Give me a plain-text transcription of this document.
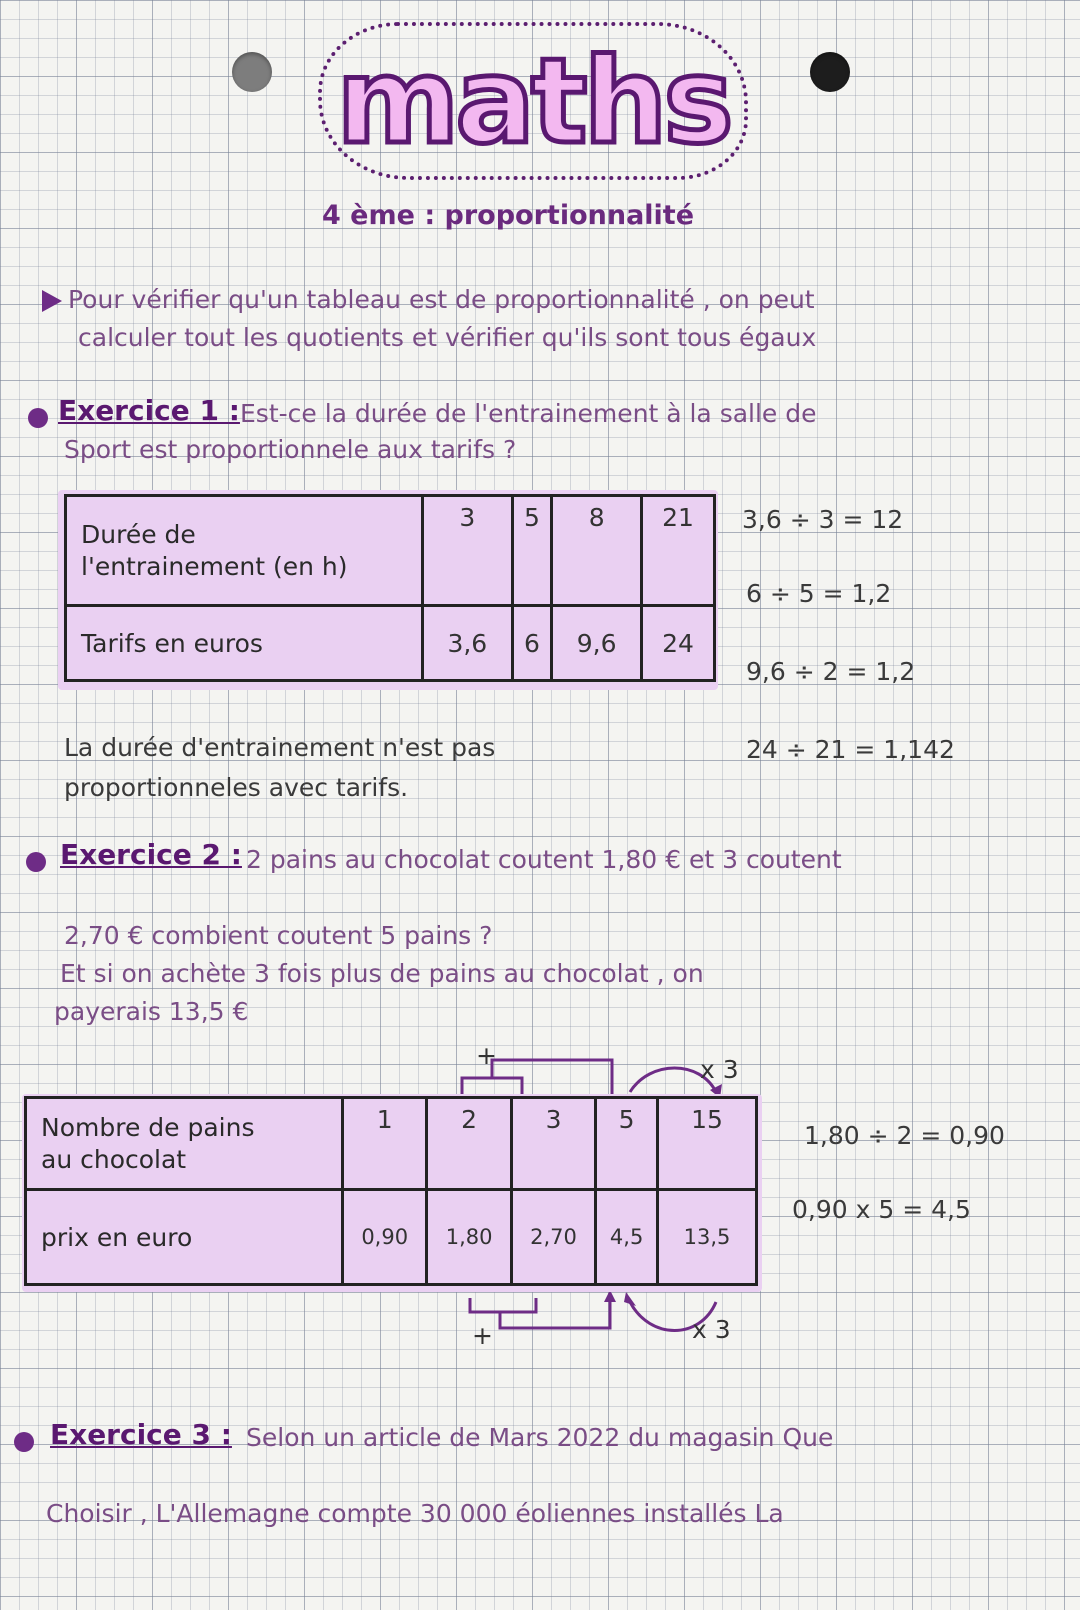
maths
4 ème : proportionnalité
Pour vérifier qu'un tableau est de proportionnalité , on peut
calculer tout les quotients et vérifier qu'ils sont tous égaux
Exercice 1 : Est-ce la durée de l'entrainement à la salle de
Sport est proportionnele aux tarifs ?
Durée de
l'entrainement (en h)	3	5	8	21
Tarifs en euros	3,6	6	9,6	24
3,6 ÷ 3 = 12
6 ÷ 5 = 1,2
9,6 ÷ 2 = 1,2
24 ÷ 21 = 1,142
La durée d'entrainement n'est pas
proportionneles avec tarifs.
Exercice 2 : 2 pains au chocolat coutent 1,80 € et 3 coutent
2,70 € combient coutent 5 pains ?
Et si on achète 3 fois plus de pains au chocolat , on
payerais 13,5 €
+	x 3
+	x 3
Nombre de pains
au chocolat	1	2	3	5	15
prix en euro	0,90	1,80	2,70	4,5	13,5
1,80 ÷ 2 = 0,90
0,90 x 5 = 4,5
Exercice 3 : Selon un article de Mars 2022 du magasin Que
Choisir , L'Allemagne compte 30 000 éoliennes installés La
